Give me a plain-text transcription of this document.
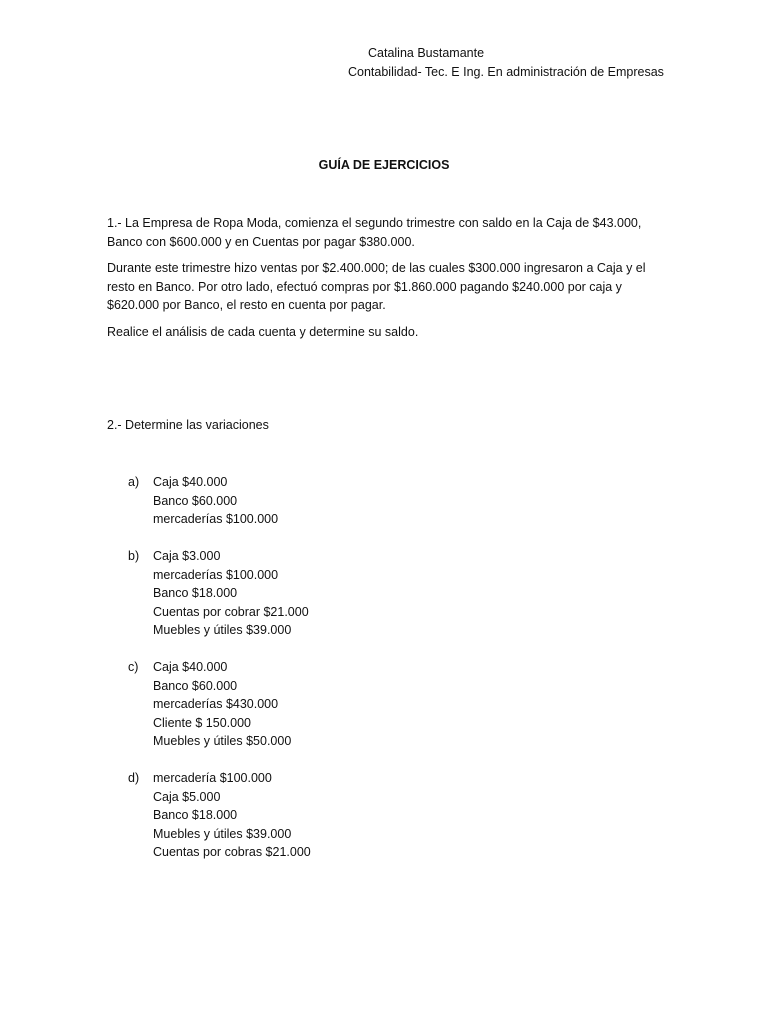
Catalina Bustamante
Contabilidad- Tec. E Ing. En administración de Empresas
GUÍA DE EJERCICIOS

1.- La Empresa de Ropa Moda, comienza el segundo trimestre con saldo en la Caja de $43.000, Banco con $600.000 y en Cuentas por pagar $380.000.

Durante este trimestre hizo ventas por $2.400.000; de las cuales $300.000 ingresaron a Caja y el resto en Banco. Por otro lado, efectuó compras por $1.860.000 pagando $240.000 por caja y $620.000 por Banco, el resto en cuenta por pagar.

Realice el análisis de cada cuenta y determine su saldo.

2.- Determine las variaciones
a)	Caja $40.000
Banco $60.000
mercaderías $100.000
b)	Caja $3.000
mercaderías $100.000
Banco $18.000
Cuentas por cobrar $21.000
Muebles y útiles $39.000
c)	Caja $40.000
Banco $60.000
mercaderías $430.000
Cliente $ 150.000
Muebles y útiles $50.000
d)	mercadería $100.000
Caja $5.000
Banco $18.000
Muebles y útiles $39.000
Cuentas por cobras $21.000
